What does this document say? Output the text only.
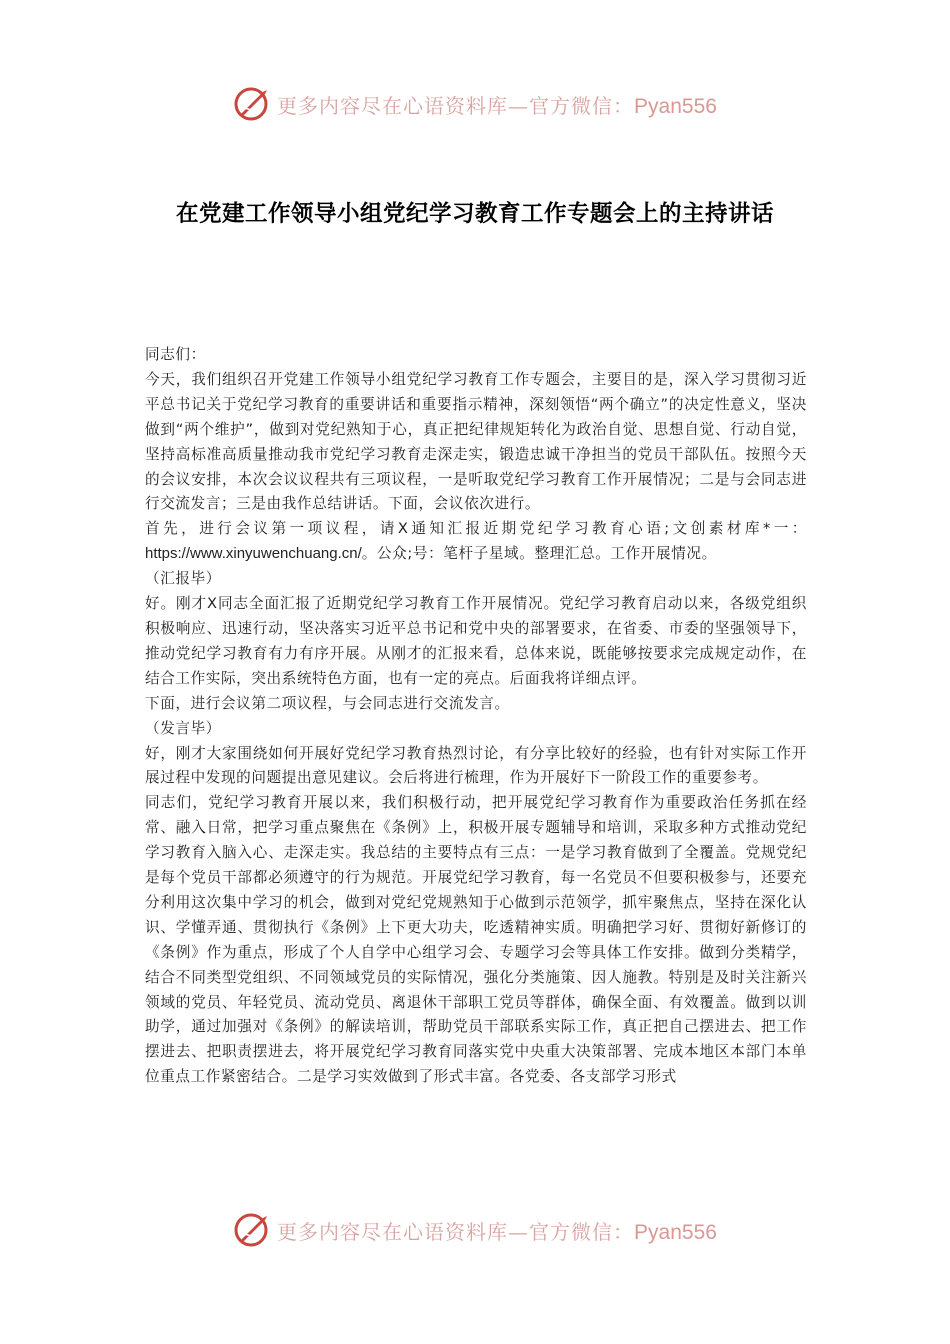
更多内容尽在心语资料库—官方微信：Pyan556
在党建工作领导小组党纪学习教育工作专题会上的主持讲话

同志们：

今天，我们组织召开党建工作领导小组党纪学习教育工作专题会，主要目的是，深入学习贯彻习近平总书记关于党纪学习教育的重要讲话和重要指示精神，深刻领悟“两个确立”的决定性意义，坚决做到“两个维护”，做到对党纪熟知于心，真正把纪律规矩转化为政治自觉、思想自觉、行动自觉，坚持高标准高质量推动我市党纪学习教育走深走实，锻造忠诚干净担当的党员干部队伍。按照今天的会议安排，本次会议议程共有三项议程，一是听取党纪学习教育工作开展情况；二是与会同志进行交流发言；三是由我作总结讲话。下面，会议依次进行。

首先，进行会议第一项议程，请X通知汇报近期党纪学习教育心语;文创素材库*一：https://www.xinyuwenchuang.cn/。公众;号：笔杆子星域。整理汇总。工作开展情况。

（汇报毕）

好。刚才X同志全面汇报了近期党纪学习教育工作开展情况。党纪学习教育启动以来，各级党组织积极响应、迅速行动，坚决落实习近平总书记和党中央的部署要求，在省委、市委的坚强领导下，推动党纪学习教育有力有序开展。从刚才的汇报来看，总体来说，既能够按要求完成规定动作，在结合工作实际，突出系统特色方面，也有一定的亮点。后面我将详细点评。

下面，进行会议第二项议程，与会同志进行交流发言。

（发言毕）

好，刚才大家围绕如何开展好党纪学习教育热烈讨论，有分享比较好的经验，也有针对实际工作开展过程中发现的问题提出意见建议。会后将进行梳理，作为开展好下一阶段工作的重要参考。

同志们，党纪学习教育开展以来，我们积极行动，把开展党纪学习教育作为重要政治任务抓在经常、融入日常，把学习重点聚焦在《条例》上，积极开展专题辅导和培训，采取多种方式推动党纪学习教育入脑入心、走深走实。我总结的主要特点有三点：一是学习教育做到了全覆盖。党规党纪是每个党员干部都必须遵守的行为规范。开展党纪学习教育，每一名党员不但要积极参与，还要充分利用这次集中学习的机会，做到对党纪党规熟知于心做到示范领学，抓牢聚焦点，坚持在深化认识、学懂弄通、贯彻执行《条例》上下更大功夫，吃透精神实质。明确把学习好、贯彻好新修订的《条例》作为重点，形成了个人自学中心组学习会、专题学习会等具体工作安排。做到分类精学，结合不同类型党组织、不同领域党员的实际情况，强化分类施策、因人施教。特别是及时关注新兴领域的党员、年轻党员、流动党员、离退休干部职工党员等群体，确保全面、有效覆盖。做到以训助学，通过加强对《条例》的解读培训，帮助党员干部联系实际工作，真正把自己摆进去、把工作摆进去、把职责摆进去，将开展党纪学习教育同落实党中央重大决策部署、完成本地区本部门本单位重点工作紧密结合。二是学习实效做到了形式丰富。各党委、各支部学习形式

更多内容尽在心语资料库—官方微信：Pyan556
